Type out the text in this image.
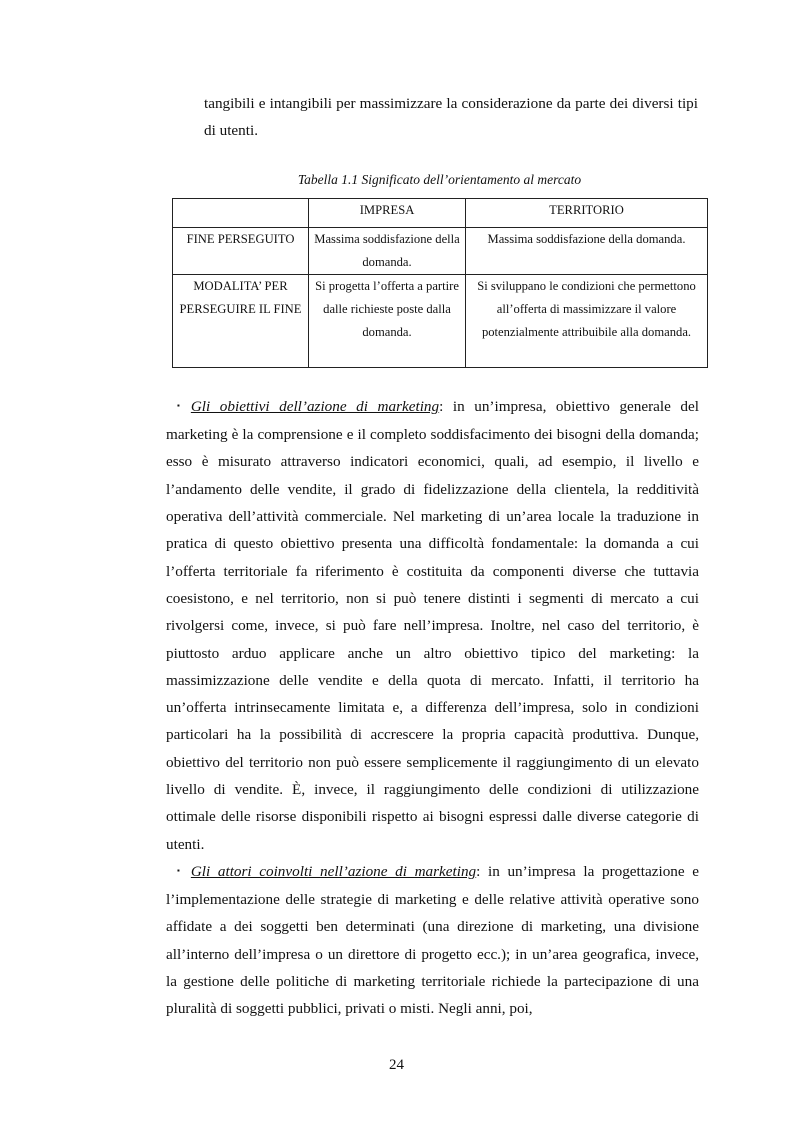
tangibili e intangibili per massimizzare la considerazione da parte dei diversi tipi di utenti.

Tabella 1.1 Significato dell’orientamento al mercato

	IMPRESA	TERRITORIO
FINE PERSEGUITO	Massima soddisfazione della domanda.	Massima soddisfazione della domanda.
MODALITA’ PER PERSEGUIRE IL FINE	Si progetta l’offerta a partire dalle richieste poste dalla domanda.	Si sviluppano le condizioni che permettono all’offerta di massimizzare il valore potenzialmente attribuibile alla domanda.

▪ Gli obiettivi dell’azione di marketing: in un’impresa, obiettivo generale del marketing è la comprensione e il completo soddisfacimento dei bisogni della domanda; esso è misurato attraverso indicatori economici, quali, ad esempio, il livello e l’andamento delle vendite, il grado di fidelizzazione della clientela, la redditività operativa dell’attività commerciale. Nel marketing di un’area locale la traduzione in pratica di questo obiettivo presenta una difficoltà fondamentale: la domanda a cui l’offerta territoriale fa riferimento è costituita da componenti diverse che tuttavia coesistono, e nel territorio, non si può tenere distinti i segmenti di mercato a cui rivolgersi come, invece, si può fare nell’impresa. Inoltre, nel caso del territorio, è piuttosto arduo applicare anche un altro obiettivo tipico del marketing: la massimizzazione delle vendite e della quota di mercato. Infatti, il territorio ha un’offerta intrinsecamente limitata e, a differenza dell’impresa, solo in condizioni particolari ha la possibilità di accrescere la propria capacità produttiva. Dunque, obiettivo del territorio non può essere semplicemente il raggiungimento di un elevato livello di vendite. È, invece, il raggiungimento delle condizioni di utilizzazione ottimale delle risorse disponibili rispetto ai bisogni espressi dalle diverse categorie di utenti.

▪ Gli attori coinvolti nell’azione di marketing: in un’impresa la progettazione e l’implementazione delle strategie di marketing e delle relative attività operative sono affidate a dei soggetti ben determinati (una direzione di marketing, una divisione all’interno dell’impresa o un direttore di progetto ecc.); in un’area geografica, invece, la gestione delle politiche di marketing territoriale richiede la partecipazione di una pluralità di soggetti pubblici, privati o misti. Negli anni, poi,

24
